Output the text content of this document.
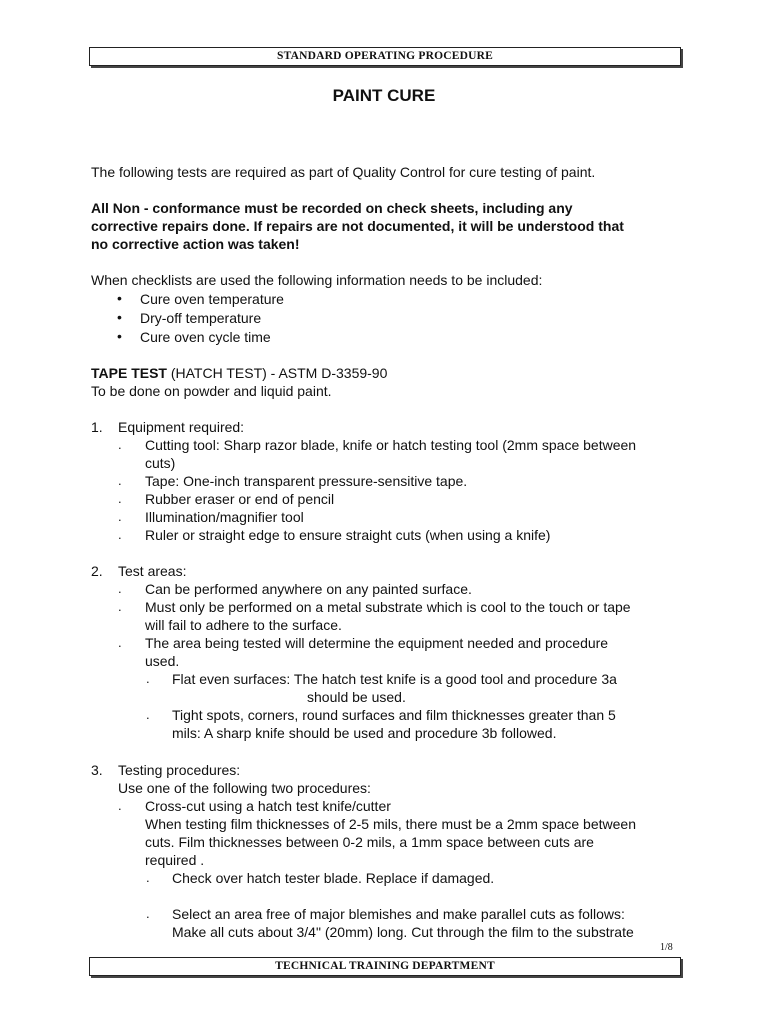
STANDARD OPERATING PROCEDURE
PAINT CURE
The following tests are required as part of Quality Control for cure testing of paint.
All Non - conformance must be recorded on check sheets, including any
corrective repairs done. If repairs are not documented, it will be understood that
no corrective action was taken!
When checklists are used the following information needs to be included:
• Cure oven temperature
• Dry-off temperature
• Cure oven cycle time
TAPE TEST (HATCH TEST) - ASTM D-3359-90
To be done on powder and liquid paint.
1. Equipment required:
. Cutting tool: Sharp razor blade, knife or hatch testing tool (2mm space between
cuts)
. Tape: One-inch transparent pressure-sensitive tape.
. Rubber eraser or end of pencil
. Illumination/magnifier tool
. Ruler or straight edge to ensure straight cuts (when using a knife)
2. Test areas:
. Can be performed anywhere on any painted surface.
. Must only be performed on a metal substrate which is cool to the touch or tape
will fail to adhere to the surface.
. The area being tested will determine the equipment needed and procedure
used.
. Flat even surfaces: The hatch test knife is a good tool and procedure 3a
should be used.
. Tight spots, corners, round surfaces and film thicknesses greater than 5
mils: A sharp knife should be used and procedure 3b followed.
3. Testing procedures:
Use one of the following two procedures:
. Cross-cut using a hatch test knife/cutter
When testing film thicknesses of 2-5 mils, there must be a 2mm space between
cuts. Film thicknesses between 0-2 mils, a 1mm space between cuts are
required .
. Check over hatch tester blade. Replace if damaged.
. Select an area free of major blemishes and make parallel cuts as follows:
Make all cuts about 3/4" (20mm) long. Cut through the film to the substrate
1/8
TECHNICAL TRAINING DEPARTMENT
